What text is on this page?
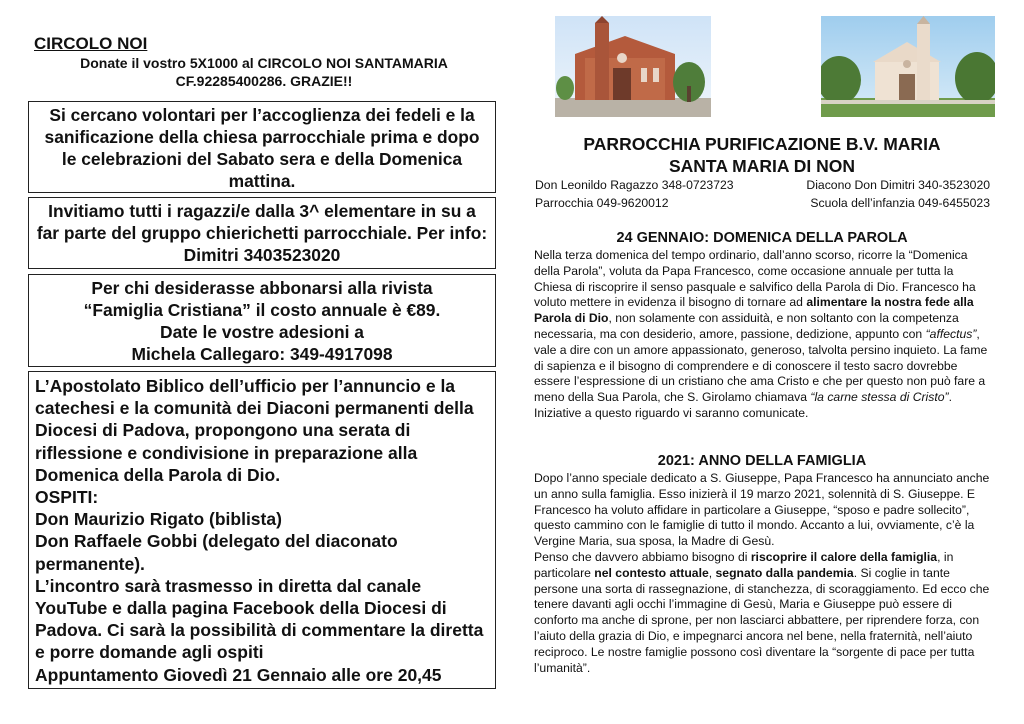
CIRCOLO NOI
Donate il vostro 5X1000 al CIRCOLO NOI SANTAMARIA
CF.92285400286. GRAZIE!!

Si cercano volontari per l’accoglienza dei fedeli e la sanificazione della chiesa parrocchiale prima e dopo le celebrazioni del Sabato sera e della Domenica mattina.

Invitiamo tutti i ragazzi/e dalla 3^ elementare in su a far parte del gruppo chierichetti parrocchiale. Per info: Dimitri 3403523020

Per chi desiderasse abbonarsi alla rivista

“Famiglia Cristiana” il costo annuale è €89.

Date le vostre adesioni a

Michela Callegaro: 349-4917098

L’Apostolato Biblico dell’ufficio per l’annuncio e la catechesi e la comunità dei Diaconi permanenti della Diocesi di Padova, propongono una serata di riflessione e condivisione in preparazione alla Domenica della Parola di Dio.

OSPITI:

Don Maurizio Rigato (biblista)

Don Raffaele Gobbi (delegato del diaconato permanente).

L’incontro sarà trasmesso in diretta dal canale YouTube e dalla pagina Facebook della Diocesi di Padova. Ci sarà la possibilità di commentare la diretta e porre domande agli ospiti

Appuntamento Giovedì 21 Gennaio alle ore 20,45

PARROCCHIA PURIFICAZIONE B.V. MARIA
SANTA MARIA DI NON
Don Leonildo Ragazzo 348-0723723	Diacono Don Dimitri 340-3523020
Parrocchia 049-9620012	Scuola dell’infanzia 049-6455023
24 GENNAIO: DOMENICA DELLA PAROLA

Nella terza domenica del tempo ordinario, dall’anno scorso, ricorre la “Domenica della Parola”, voluta da Papa Francesco, come occasione annuale per tutta la Chiesa di riscoprire il senso pasquale e salvifico della Parola di Dio. Francesco ha voluto mettere in evidenza il bisogno di tornare ad alimentare la nostra fede alla Parola di Dio, non solamente con assiduità, e non soltanto con la competenza necessaria, ma con desiderio, amore, passione, dedizione, appunto con “affectus”, vale a dire con un amore appassionato, generoso, talvolta persino inquieto. La fame di sapienza e il bisogno di comprendere e di conoscere il testo sacro dovrebbe essere l’espressione di un cristiano che ama Cristo e che per questo non può fare a meno della Sua Parola, che S. Girolamo chiamava “la carne stessa di Cristo”. Iniziative a questo riguardo vi saranno comunicate.

2021: ANNO DELLA FAMIGLIA

Dopo l’anno speciale dedicato a S. Giuseppe, Papa Francesco ha annunciato anche un anno sulla famiglia. Esso inizierà il 19 marzo 2021, solennità di S. Giuseppe. E Francesco ha voluto affidare in particolare a Giuseppe, “sposo e padre sollecito”, questo cammino con le famiglie di tutto il mondo. Accanto a lui, ovviamente, c’è la Vergine Maria, sua sposa, la Madre di Gesù.

Penso che davvero abbiamo bisogno di riscoprire il calore della famiglia, in particolare nel contesto attuale, segnato dalla pandemia. Si coglie in tante persone una sorta di rassegnazione, di stanchezza, di scoraggiamento. Ed ecco che tenere davanti agli occhi l’immagine di Gesù, Maria e Giuseppe può essere di conforto ma anche di sprone, per non lasciarci abbattere, per riprendere forza, con l’aiuto della grazia di Dio, e impegnarci ancora nel bene, nella fraternità, nell’aiuto reciproco. Le nostre famiglie possono così diventare la “sorgente di pace per tutta l’umanità”.
